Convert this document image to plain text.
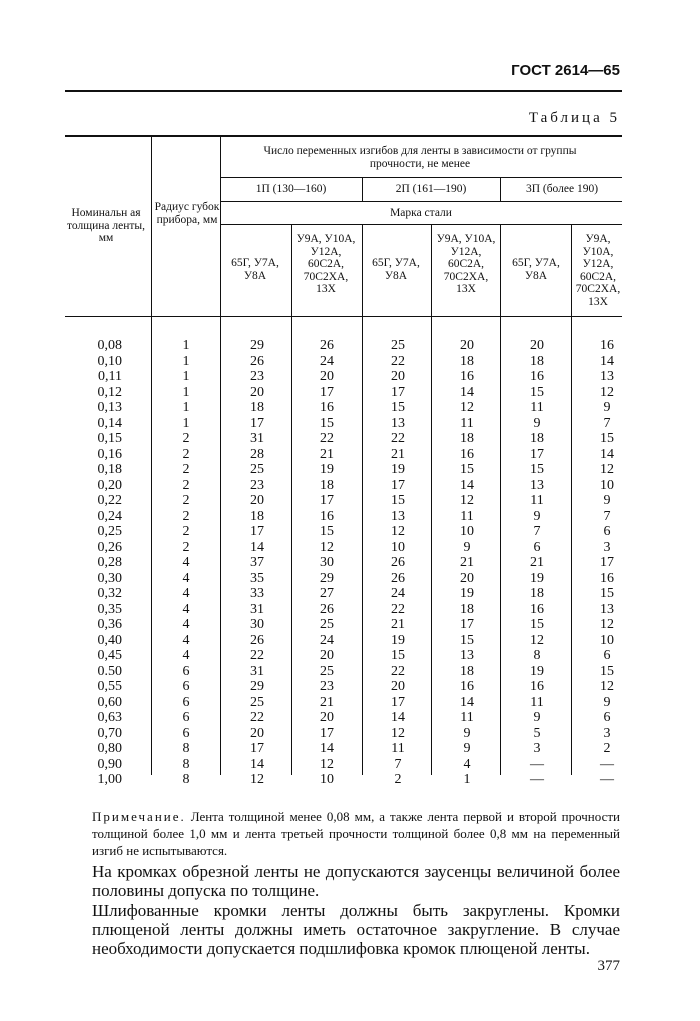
ГОСТ 2614—65
Таблица 5
Число переменных изгибов для ленты в зависимости от группы прочности, не менее
Номинальн ая толщина ленты, мм
Радиус губок прибора, мм
1П (130—160)	2П (161—190)	3П (более 190)
Марка стали
65Г, У7А, У8А
У9А, У10А, У12А, 60С2А, 70С2ХА, 13Х
65Г, У7А, У8А
У9А, У10А, У12А, 60С2А, 70С2ХА, 13Х
65Г, У7А, У8А
У9А, У10А, У12А, 60С2А, 70С2ХА, 13Х
0,08
0,10
0,11
0,12
0,13
0,14
0,15
0,16
0,18
0,20
0,22
0,24
0,25
0,26
0,28
0,30
0,32
0,35
0,36
0,40
0,45
0.50
0,55
0,60
0,63
0,70
0,80
0,90
1,00
1
1
1
1
1
1
2
2
2
2
2
2
2
2
4
4
4
4
4
4
4
6
6
6
6
6
8
8
8
29
26
23
20
18
17
31
28
25
23
20
18
17
14
37
35
33
31
30
26
22
31
29
25
22
20
17
14
12
26
24
20
17
16
15
22
21
19
18
17
16
15
12
30
29
27
26
25
24
20
25
23
21
20
17
14
12
10
25
22
20
17
15
13
22
21
19
17
15
13
12
10
26
26
24
22
21
19
15
22
20
17
14
12
11
7
2
20
18
16
14
12
11
18
16
15
14
12
11
10
9
21
20
19
18
17
15
13
18
16
14
11
9
9
4
1
20
18
16
15
11
9
18
17
15
13
11
9
7
6
21
19
18
16
15
12
8
19
16
11
9
5
3
—
—
16
14
13
12
9
7
15
14
12
10
9
7
6
3
17
16
15
13
12
10
6
15
12
9
6
3
2
—
—
Примечание. Лента толщиной менее 0,08 мм, а также лента первой и второй прочности толщиной более 1,0 мм и лента третьей прочности толщиной более 0,8 мм на переменный изгиб не испытываются.
На кромках обрезной ленты не допускаются заусенцы величиной более половины допуска по толщине.
Шлифованные кромки ленты должны быть закруглены. Кромки плющеной ленты должны иметь остаточное закругление. В случае необходимости допускается подшлифовка кромок плющеной ленты.
377
